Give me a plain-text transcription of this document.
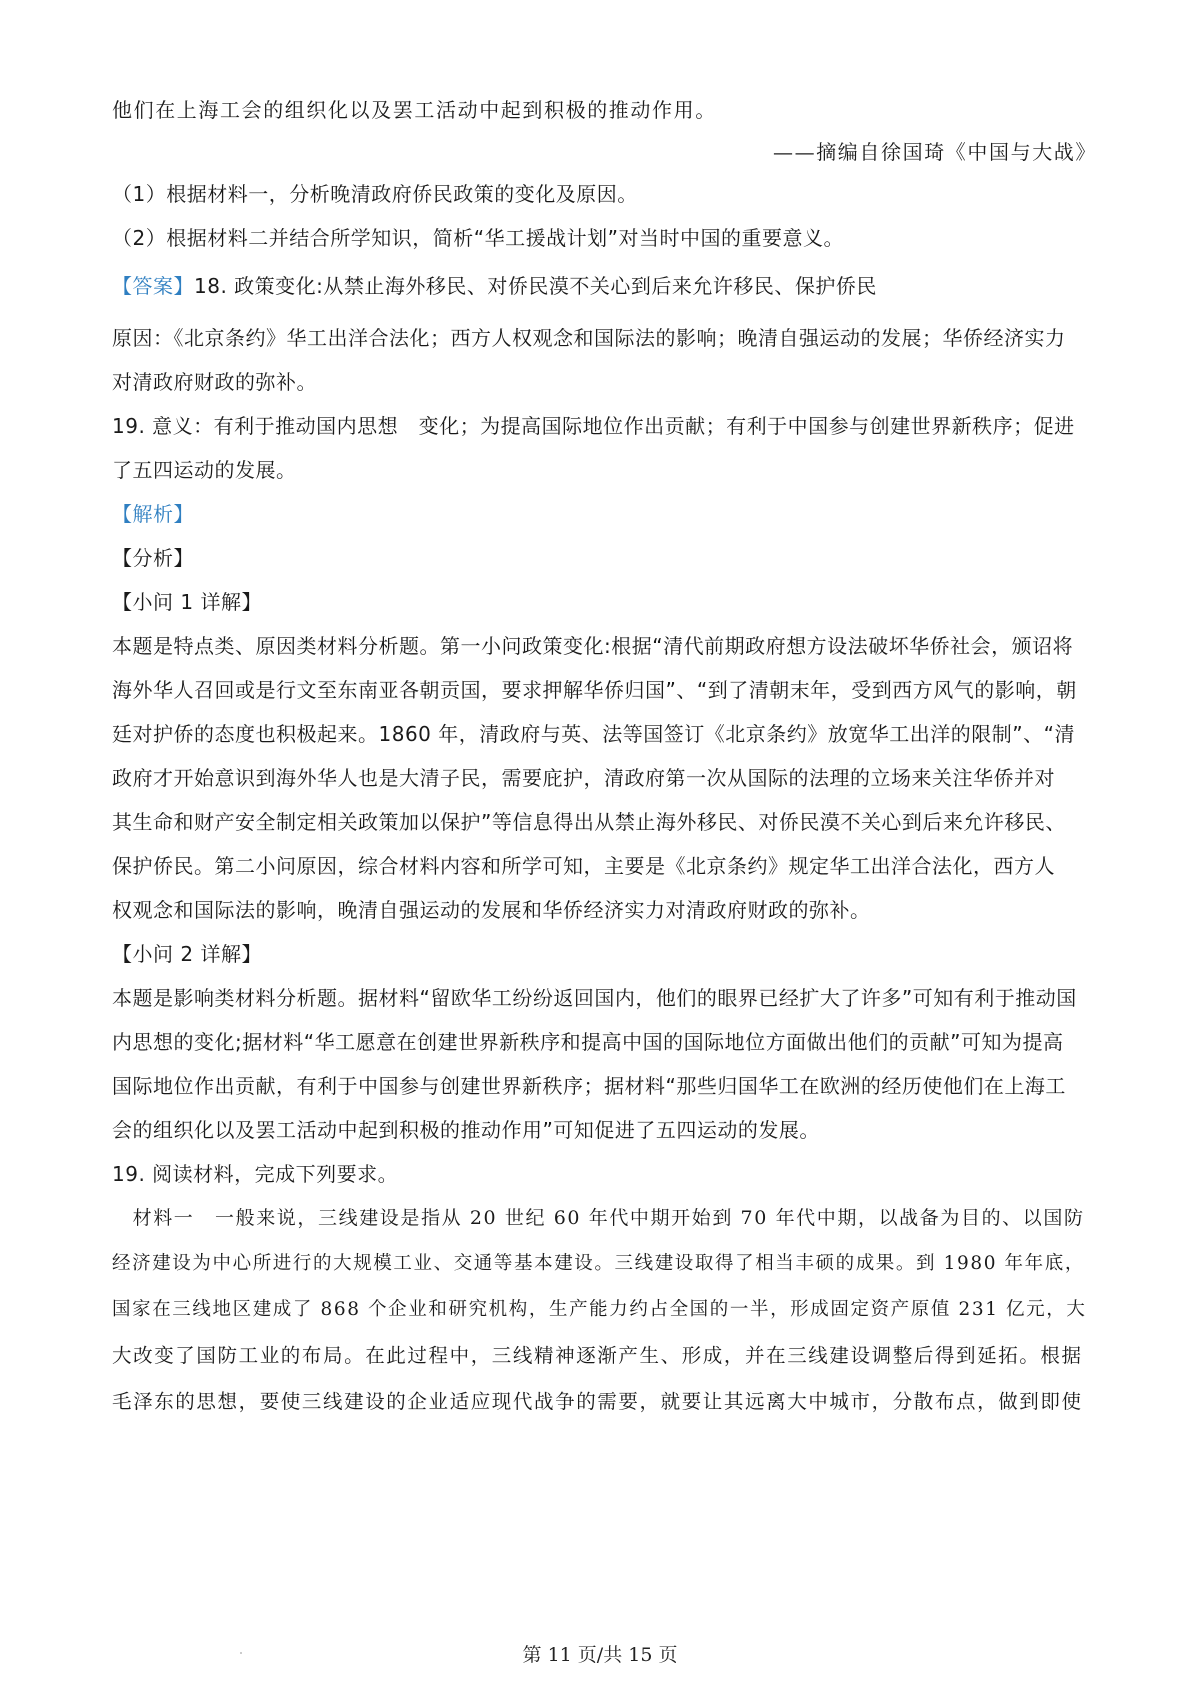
他们在上海工会的组织化以及罢工活动中起到积极的推动作用。
——摘编自徐国琦《中国与大战》
（1）根据材料一，分析晚清政府侨民政策的变化及原因。
（2）根据材料二并结合所学知识，简析“华工援战计划”对当时中国的重要意义。
【答案】18. 政策变化:从禁止海外移民、对侨民漠不关心到后来允许移民、保护侨民
原因：《北京条约》华工出洋合法化；西方人权观念和国际法的影响；晚清自强运动的发展；华侨经济实力
对清政府财政的弥补。
19. 意义：有利于推动国内思想　变化；为提高国际地位作出贡献；有利于中国参与创建世界新秩序；促进
了五四运动的发展。
【解析】
【分析】
【小问 1 详解】
本题是特点类、原因类材料分析题。第一小问政策变化:根据“清代前期政府想方设法破坏华侨社会，颁诏将
海外华人召回或是行文至东南亚各朝贡国，要求押解华侨归国”、“到了清朝末年，受到西方风气的影响，朝
廷对护侨的态度也积极起来。1860 年，清政府与英、法等国签订《北京条约》放宽华工出洋的限制”、“清
政府才开始意识到海外华人也是大清子民，需要庇护，清政府第一次从国际的法理的立场来关注华侨并对
其生命和财产安全制定相关政策加以保护”等信息得出从禁止海外移民、对侨民漠不关心到后来允许移民、
保护侨民。第二小问原因，综合材料内容和所学可知，主要是《北京条约》规定华工出洋合法化，西方人
权观念和国际法的影响，晚清自强运动的发展和华侨经济实力对清政府财政的弥补。
【小问 2 详解】
本题是影响类材料分析题。据材料“留欧华工纷纷返回国内，他们的眼界已经扩大了许多”可知有利于推动国
内思想的变化;据材料“华工愿意在创建世界新秩序和提高中国的国际地位方面做出他们的贡献”可知为提高
国际地位作出贡献，有利于中国参与创建世界新秩序；据材料“那些归国华工在欧洲的经历使他们在上海工
会的组织化以及罢工活动中起到积极的推动作用”可知促进了五四运动的发展。
19. 阅读材料，完成下列要求。
　材料一　一般来说，三线建设是指从 20 世纪 60 年代中期开始到 70 年代中期，以战备为目的、以国防
经济建设为中心所进行的大规模工业、交通等基本建设。三线建设取得了相当丰硕的成果。到 1980 年年底，
国家在三线地区建成了 868 个企业和研究机构，生产能力约占全国的一半，形成固定资产原值 231 亿元，大
大改变了国防工业的布局。在此过程中，三线精神逐渐产生、形成，并在三线建设调整后得到延拓。根据
毛泽东的思想，要使三线建设的企业适应现代战争的需要，就要让其远离大中城市，分散布点，做到即使
第 11 页/共 15 页
